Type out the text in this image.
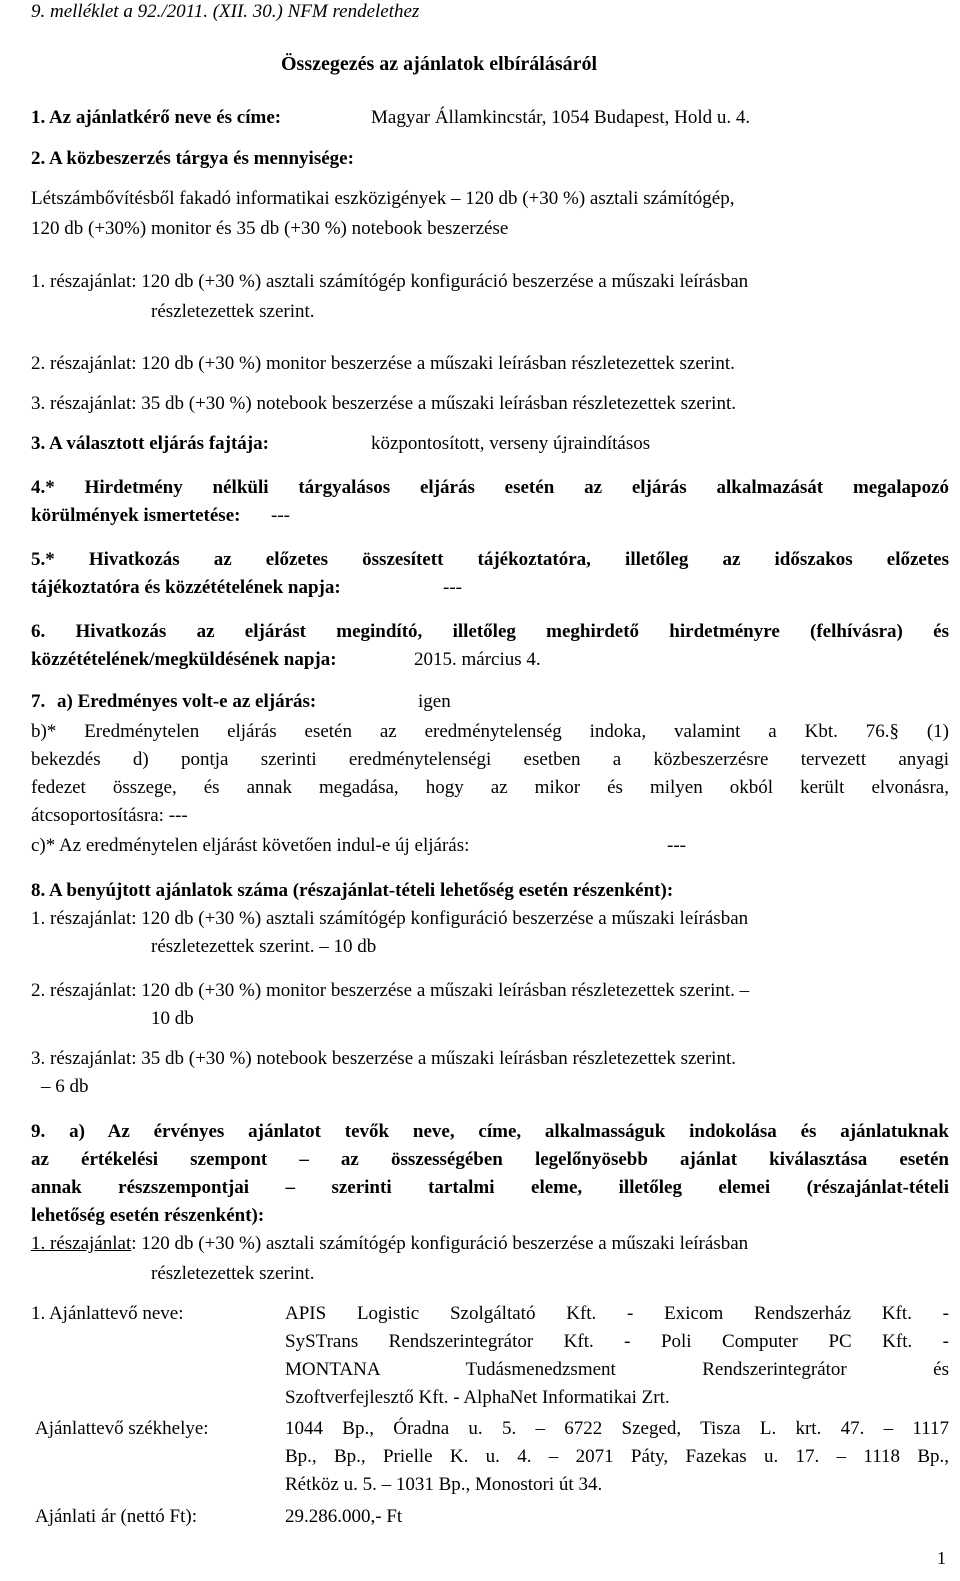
9. melléklet a 92./2011. (XII. 30.) NFM rendelethez
Összegezés az ajánlatok elbírálásáról
1. Az ajánlatkérő neve és címe:	Magyar Államkincstár, 1054 Budapest, Hold u. 4.
2. A közbeszerzés tárgya és mennyisége:
Létszámbővítésből fakadó informatikai eszközigények – 120 db (+30 %) asztali számítógép,
120 db (+30%) monitor és 35 db (+30 %) notebook beszerzése
1. részajánlat: 120 db (+30 %) asztali számítógép konfiguráció beszerzése a műszaki leírásban
részletezettek szerint.
2. részajánlat: 120 db (+30 %) monitor beszerzése a műszaki leírásban részletezettek szerint.
3. részajánlat: 35 db (+30 %) notebook beszerzése a műszaki leírásban részletezettek szerint.
3. A választott eljárás fajtája:	központosított, verseny újraindításos
4.* Hirdetmény nélküli tárgyalásos eljárás esetén az eljárás alkalmazását megalapozó
körülmények ismertetése: ---
5.* Hivatkozás az előzetes összesített tájékoztatóra, illetőleg az időszakos előzetes
tájékoztatóra és közzétételének napja:	---
6. Hivatkozás az eljárást megindító, illetőleg meghirdető hirdetményre (felhívásra) és
közzétételének/megküldésének napja:	2015. március 4.
7. a) Eredményes volt-e az eljárás:	igen
b)* Eredménytelen eljárás esetén az eredménytelenség indoka, valamint a Kbt. 76.§ (1)
bekezdés d) pontja szerinti eredménytelenségi esetben a közbeszerzésre tervezett anyagi
fedezet összege, és annak megadása, hogy az mikor és milyen okból került elvonásra,
átcsoportosításra: ---
c)* Az eredménytelen eljárást követően indul-e új eljárás:	---
8. A benyújtott ajánlatok száma (részajánlat-tételi lehetőség esetén részenként):
1. részajánlat: 120 db (+30 %) asztali számítógép konfiguráció beszerzése a műszaki leírásban
részletezettek szerint. – 10 db
2. részajánlat: 120 db (+30 %) monitor beszerzése a műszaki leírásban részletezettek szerint. –
10 db
3. részajánlat: 35 db (+30 %) notebook beszerzése a műszaki leírásban részletezettek szerint.
– 6 db
9. a) Az érvényes ajánlatot tevők neve, címe, alkalmasságuk indokolása és ajánlatuknak
az értékelési szempont – az összességében legelőnyösebb ajánlat kiválasztása esetén
annak részszempontjai – szerinti tartalmi eleme, illetőleg elemei (részajánlat-tételi
lehetőség esetén részenként):
1. részajánlat: 120 db (+30 %) asztali számítógép konfiguráció beszerzése a műszaki leírásban
részletezettek szerint.
1. Ajánlattevő neve:	APIS Logistic Szolgáltató Kft. - Exicom Rendszerház Kft. -
SySTrans Rendszerintegrátor Kft. - Poli Computer PC Kft. -
MONTANA Tudásmenedzsment Rendszerintegrátor és
Szoftverfejlesztő Kft. - AlphaNet Informatikai Zrt.
Ajánlattevő székhelye:	1044 Bp., Óradna u. 5. – 6722 Szeged, Tisza L. krt. 47. – 1117
Bp., Bp., Prielle K. u. 4. – 2071 Páty, Fazekas u. 17. – 1118 Bp.,
Rétköz u. 5. – 1031 Bp., Monostori út 34.
Ajánlati ár (nettó Ft):	29.286.000,- Ft
1
